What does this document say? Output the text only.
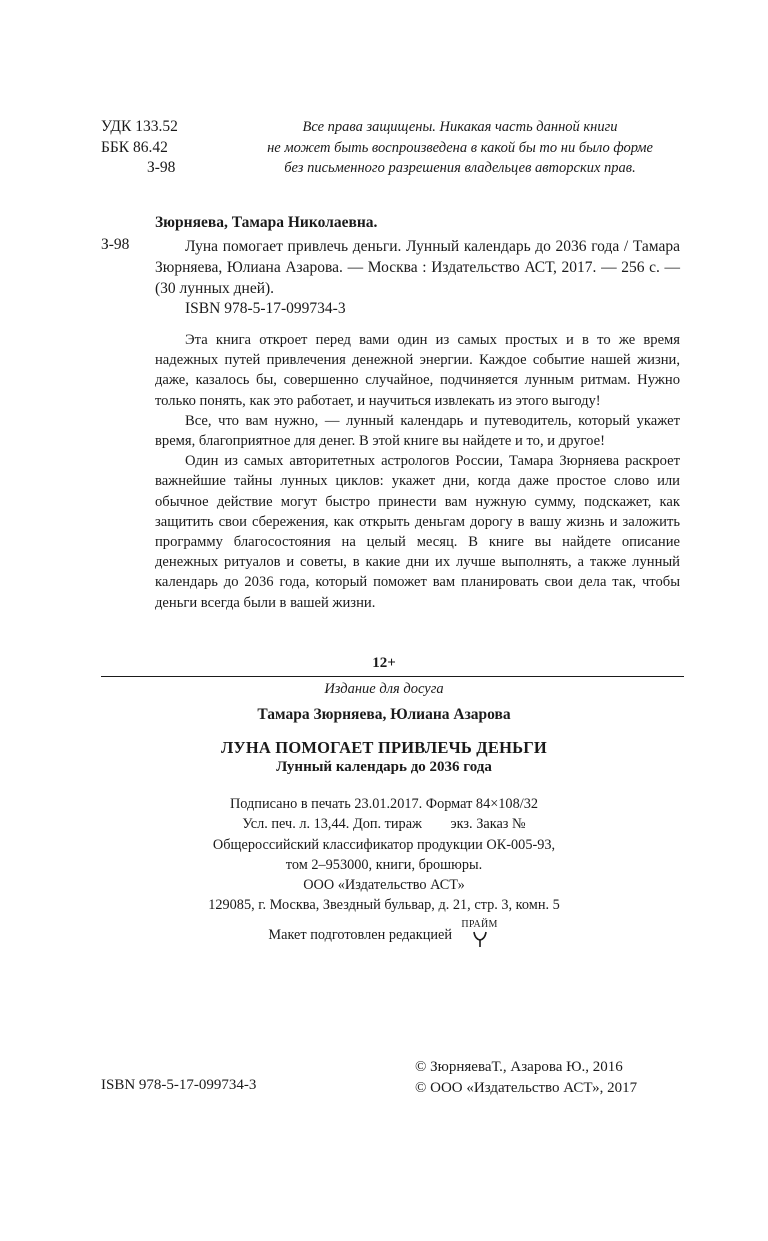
УДК 133.52
ББК 86.42
З-98
Все права защищены. Никакая часть данной книги
не может быть воспроизведена в какой бы то ни было форме
без письменного разрешения владельцев авторских прав.
Зюрняева, Тамара Николаевна.
З-98	Луна помогает привлечь деньги. Лунный календарь до 2036 года / Тамара Зюрняева, Юлиана Азарова. — Москва : Издательство АСТ, 2017. — 256 с. — (30 лунных дней).
ISBN 978-5-17-099734-3

Эта книга откроет перед вами один из самых простых и в то же время надежных путей привлечения денежной энергии. Каждое событие нашей жизни, даже, казалось бы, совершенно случайное, подчиняется лунным ритмам. Нужно только понять, как это работает, и научиться извлекать из этого выгоду!

Все, что вам нужно, — лунный календарь и путеводитель, который укажет время, благоприятное для денег. В этой книге вы найдете и то, и другое!

Один из самых авторитетных астрологов России, Тамара Зюрняева раскроет важнейшие тайны лунных циклов: укажет дни, когда даже простое слово или обычное действие могут быстро принести вам нужную сумму, подскажет, как защитить свои сбережения, как открыть деньгам дорогу в вашу жизнь и заложить программу благосостояния на целый месяц. В книге вы найдете описание денежных ритуалов и советы, в какие дни их лучше выполнять, а также лунный календарь до 2036 года, который поможет вам планировать свои дела так, чтобы деньги всегда были в вашей жизни.

12+
Издание для досуга
Тамара Зюрняева, Юлиана Азарова
ЛУНА ПОМОГАЕТ ПРИВЛЕЧЬ ДЕНЬГИ
Лунный календарь до 2036 года
Подписано в печать 23.01.2017. Формат 84×108/32
Усл. печ. л. 13,44. Доп. тираж        экз. Заказ №
Общероссийский классификатор продукции ОК-005-93,
том 2–953000, книги, брошюры.
ООО «Издательство АСТ»
129085, г. Москва, Звездный бульвар, д. 21, стр. 3, комн. 5
Макет подготовлен редакцией
ПРАЙМ
© ЗюрняеваТ., Азарова Ю., 2016
© ООО «Издательство АСТ», 2017
ISBN 978-5-17-099734-3
